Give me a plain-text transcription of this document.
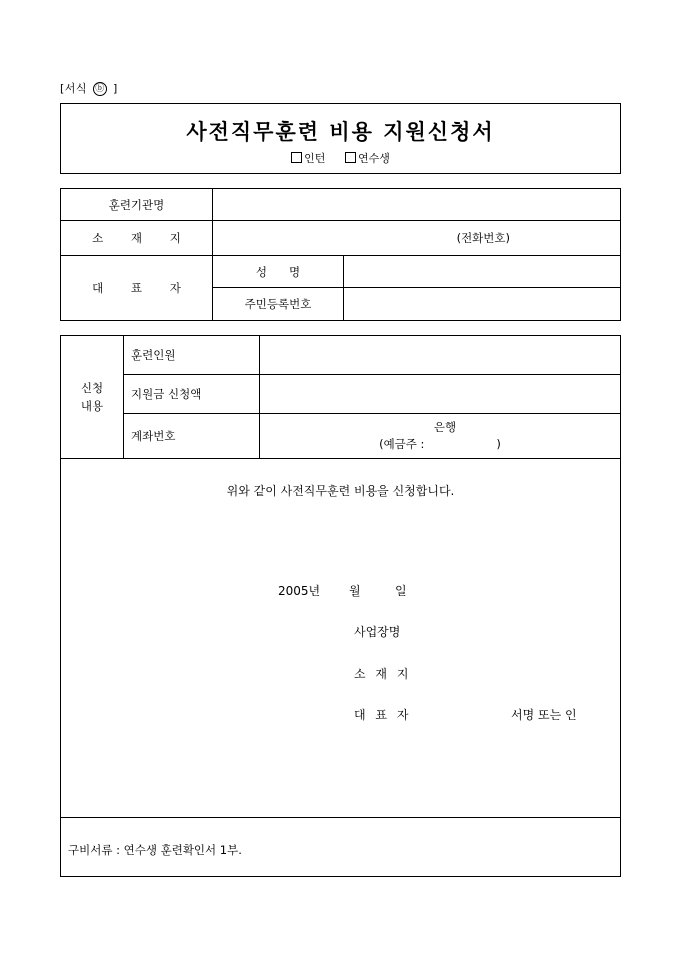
[서식 ⓑ ]
사전직무훈련 비용 지원신청서
인턴	연수생
훈련기관명		
소 재 지	(전화번호)	

대 표 자	성      명	
	주민등록번호	
신청
내용	훈련인원	
	지원금 신청액	
	계좌번호	은행
(예금주 : )
위와 같이 사전직무훈련 비용을 신청합니다.
2005년 월	일
사업장명
소 재 지
대 표 자	서명 또는 인
구비서류 : 연수생 훈련확인서 1부.
